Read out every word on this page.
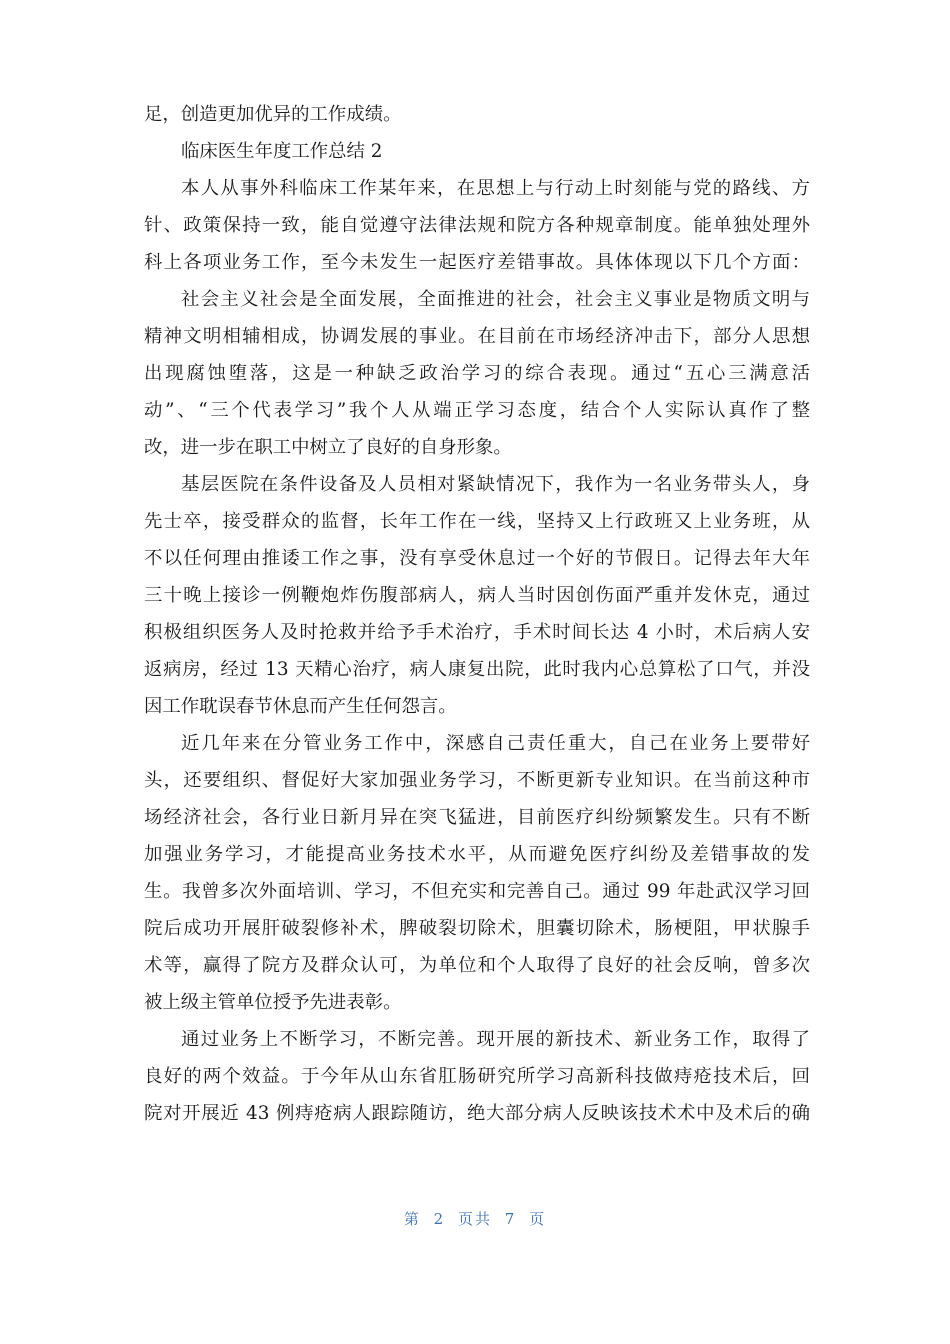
足，创造更加优异的工作成绩。
临床医生年度工作总结 2
本人从事外科临床工作某年来，在思想上与行动上时刻能与党的路线、方
针、政策保持一致，能自觉遵守法律法规和院方各种规章制度。能单独处理外
科上各项业务工作，至今未发生一起医疗差错事故。具体体现以下几个方面：
社会主义社会是全面发展，全面推进的社会，社会主义事业是物质文明与
精神文明相辅相成，协调发展的事业。在目前在市场经济冲击下，部分人思想
出现腐蚀堕落，这是一种缺乏政治学习的综合表现。通过“五心三满意活
动”、“三个代表学习”我个人从端正学习态度，结合个人实际认真作了整
改，进一步在职工中树立了良好的自身形象。
基层医院在条件设备及人员相对紧缺情况下，我作为一名业务带头人，身
先士卒，接受群众的监督，长年工作在一线，坚持又上行政班又上业务班，从
不以任何理由推诿工作之事，没有享受休息过一个好的节假日。记得去年大年
三十晚上接诊一例鞭炮炸伤腹部病人，病人当时因创伤面严重并发休克，通过
积极组织医务人及时抢救并给予手术治疗，手术时间长达 4 小时，术后病人安
返病房，经过 13 天精心治疗，病人康复出院，此时我内心总算松了口气，并没
因工作耽误春节休息而产生任何怨言。
近几年来在分管业务工作中，深感自己责任重大，自己在业务上要带好
头，还要组织、督促好大家加强业务学习，不断更新专业知识。在当前这种市
场经济社会，各行业日新月异在突飞猛进，目前医疗纠纷频繁发生。只有不断
加强业务学习，才能提高业务技术水平，从而避免医疗纠纷及差错事故的发
生。我曾多次外面培训、学习，不但充实和完善自己。通过 99 年赴武汉学习回
院后成功开展肝破裂修补术，脾破裂切除术，胆囊切除术，肠梗阻，甲状腺手
术等，赢得了院方及群众认可，为单位和个人取得了良好的社会反响，曾多次
被上级主管单位授予先进表彰。
通过业务上不断学习，不断完善。现开展的新技术、新业务工作，取得了
良好的两个效益。于今年从山东省肛肠研究所学习高新科技做痔疮技术后，回
院对开展近 43 例痔疮病人跟踪随访，绝大部分病人反映该技术术中及术后的确
第 2 页共 7 页
